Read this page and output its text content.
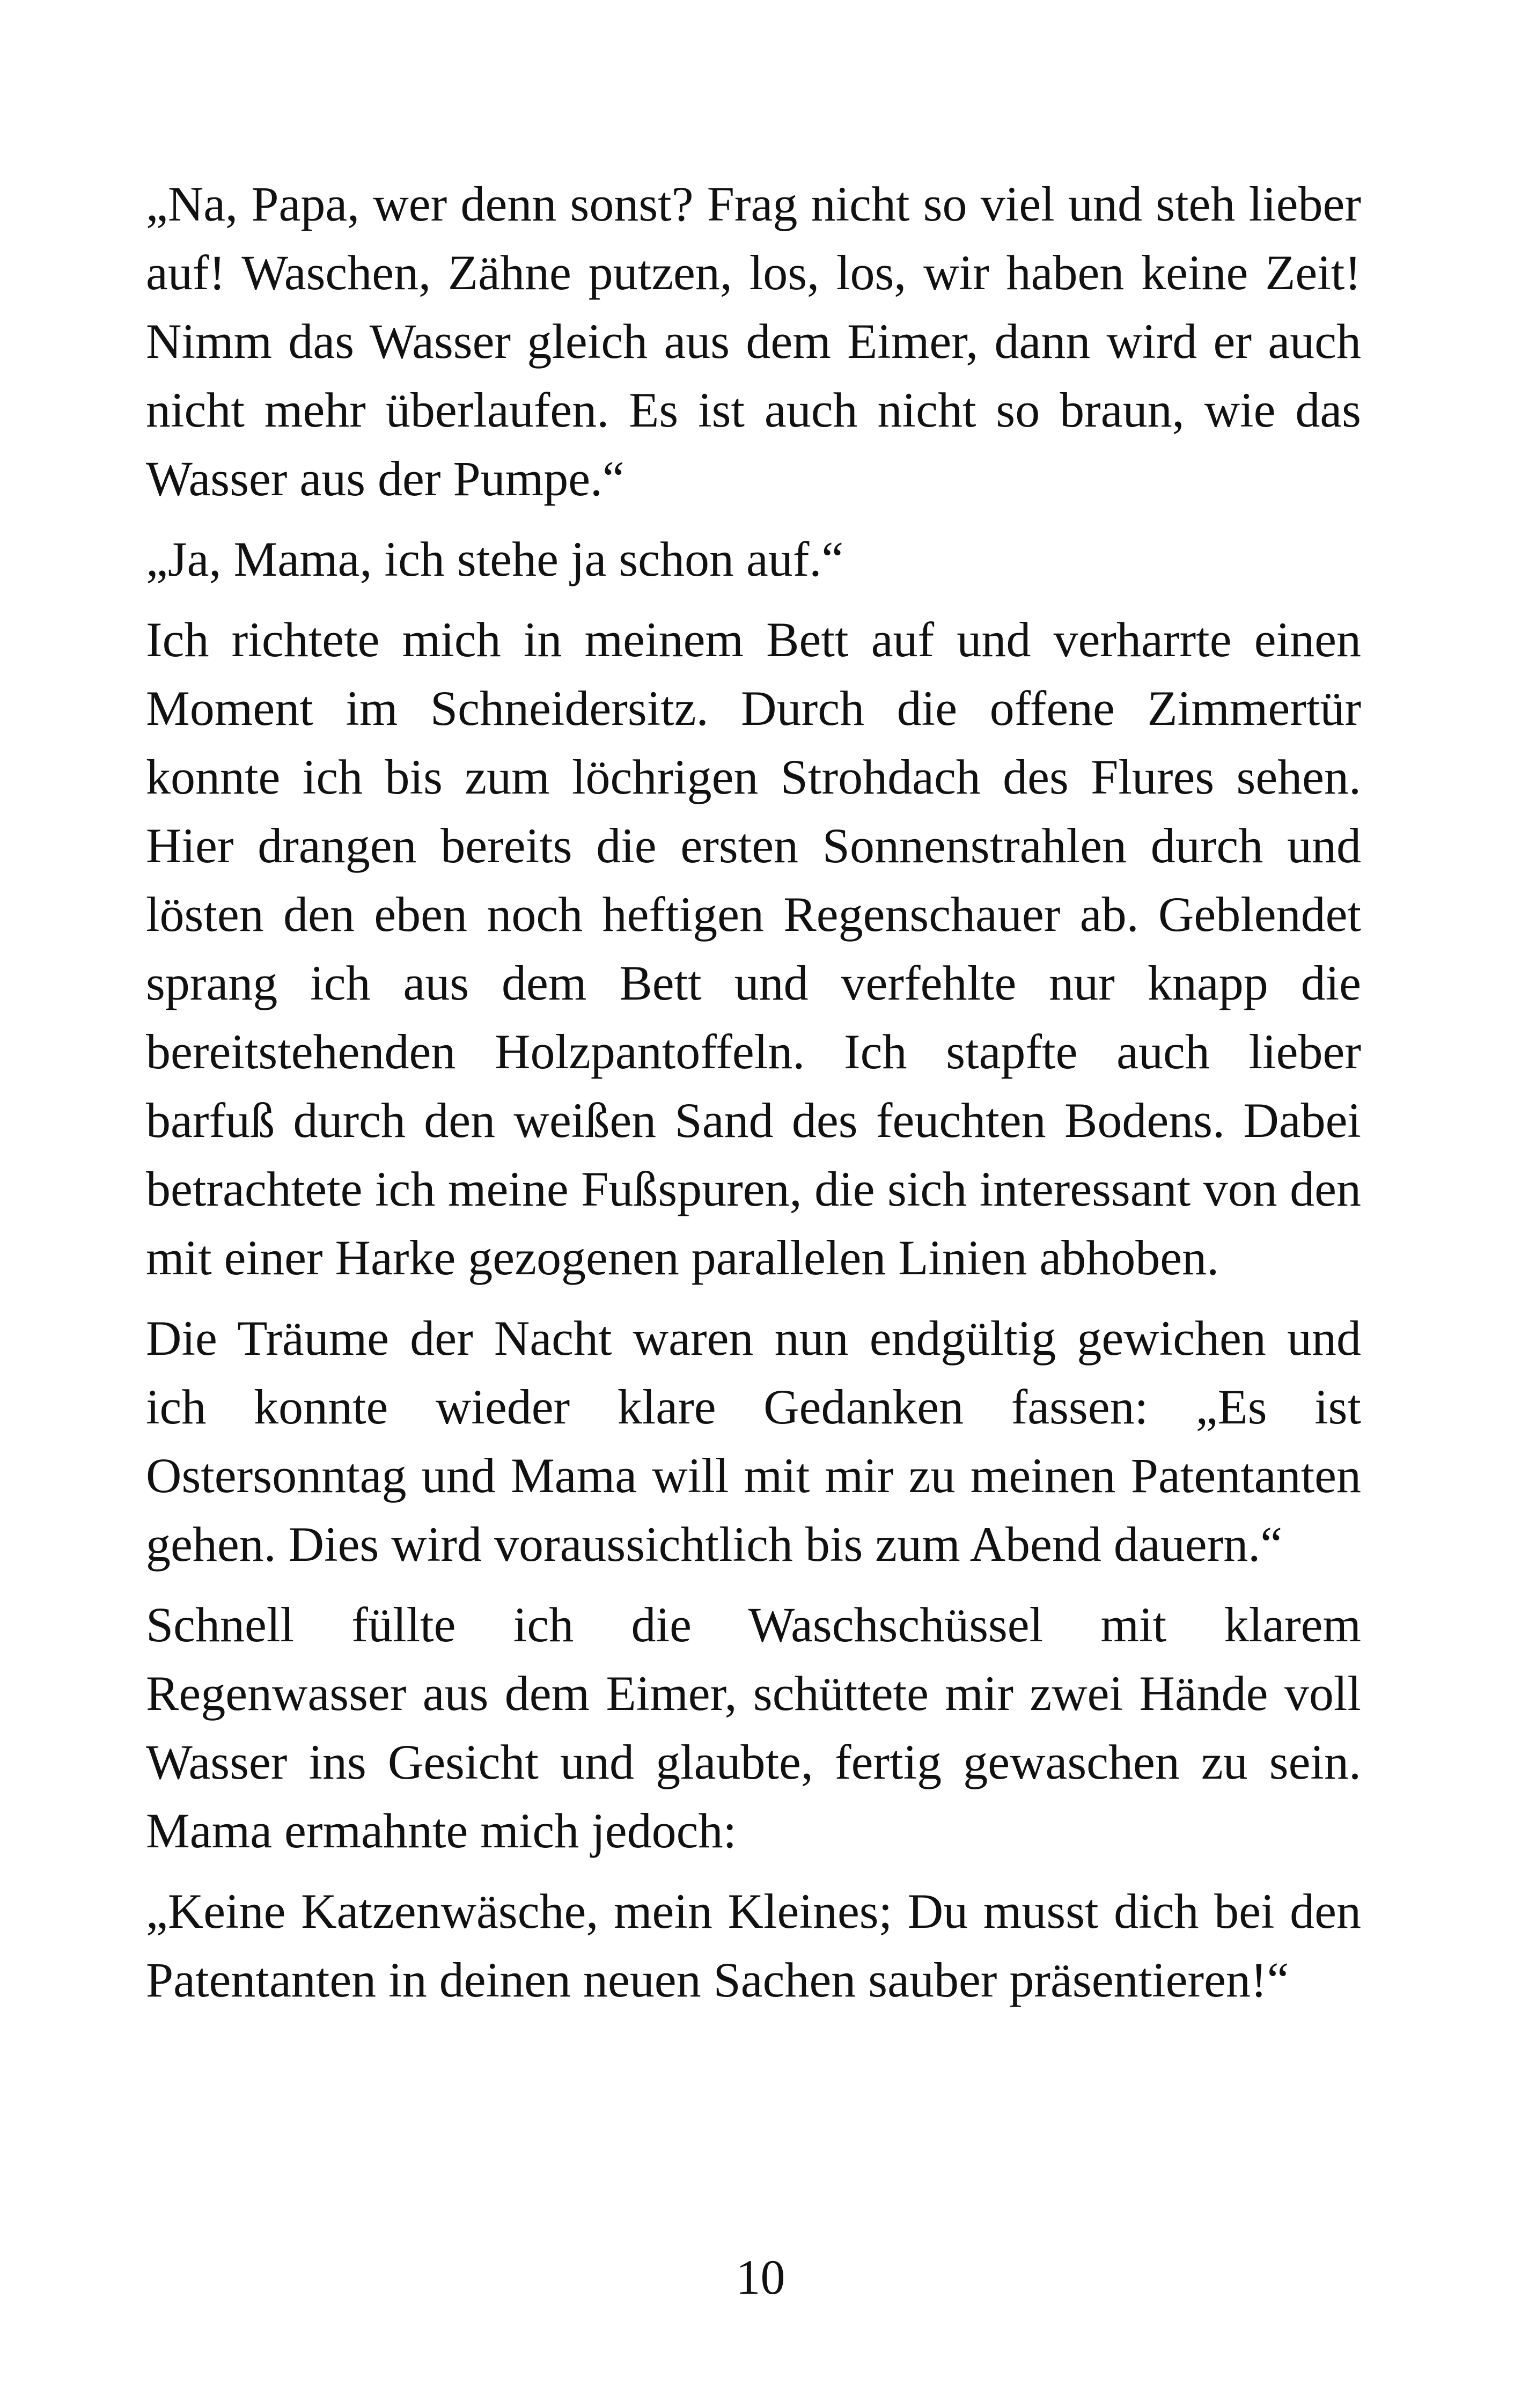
„Na, Papa, wer denn sonst? Frag nicht so viel und steh lieber auf! Waschen, Zähne putzen, los, los, wir haben keine Zeit! Nimm das Wasser gleich aus dem Eimer, dann wird er auch nicht mehr überlaufen. Es ist auch nicht so braun, wie das Wasser aus der Pumpe.“

„Ja, Mama, ich stehe ja schon auf.“

Ich richtete mich in meinem Bett auf und verharrte einen Moment im Schneidersitz. Durch die offene Zimmertür konnte ich bis zum löchrigen Strohdach des Flures sehen. Hier drangen bereits die ersten Sonnenstrahlen durch und lösten den eben noch heftigen Regenschauer ab. Geblendet sprang ich aus dem Bett und verfehlte nur knapp die bereitstehenden Holzpantoffeln. Ich stapfte auch lieber barfuß durch den weißen Sand des feuchten Bodens. Dabei betrachtete ich meine Fußspuren, die sich interessant von den mit einer Harke gezogenen parallelen Linien abhoben.

Die Träume der Nacht waren nun endgültig gewichen und ich konnte wieder klare Gedanken fassen: „Es ist Ostersonntag und Mama will mit mir zu meinen Patentanten gehen. Dies wird voraussichtlich bis zum Abend dauern.“

Schnell füllte ich die Waschschüssel mit klarem Regenwasser aus dem Eimer, schüttete mir zwei Hände voll Wasser ins Gesicht und glaubte, fertig gewaschen zu sein. Mama ermahnte mich jedoch:

„Keine Katzenwäsche, mein Kleines; Du musst dich bei den Patentanten in deinen neuen Sachen sauber präsentieren!“

10
